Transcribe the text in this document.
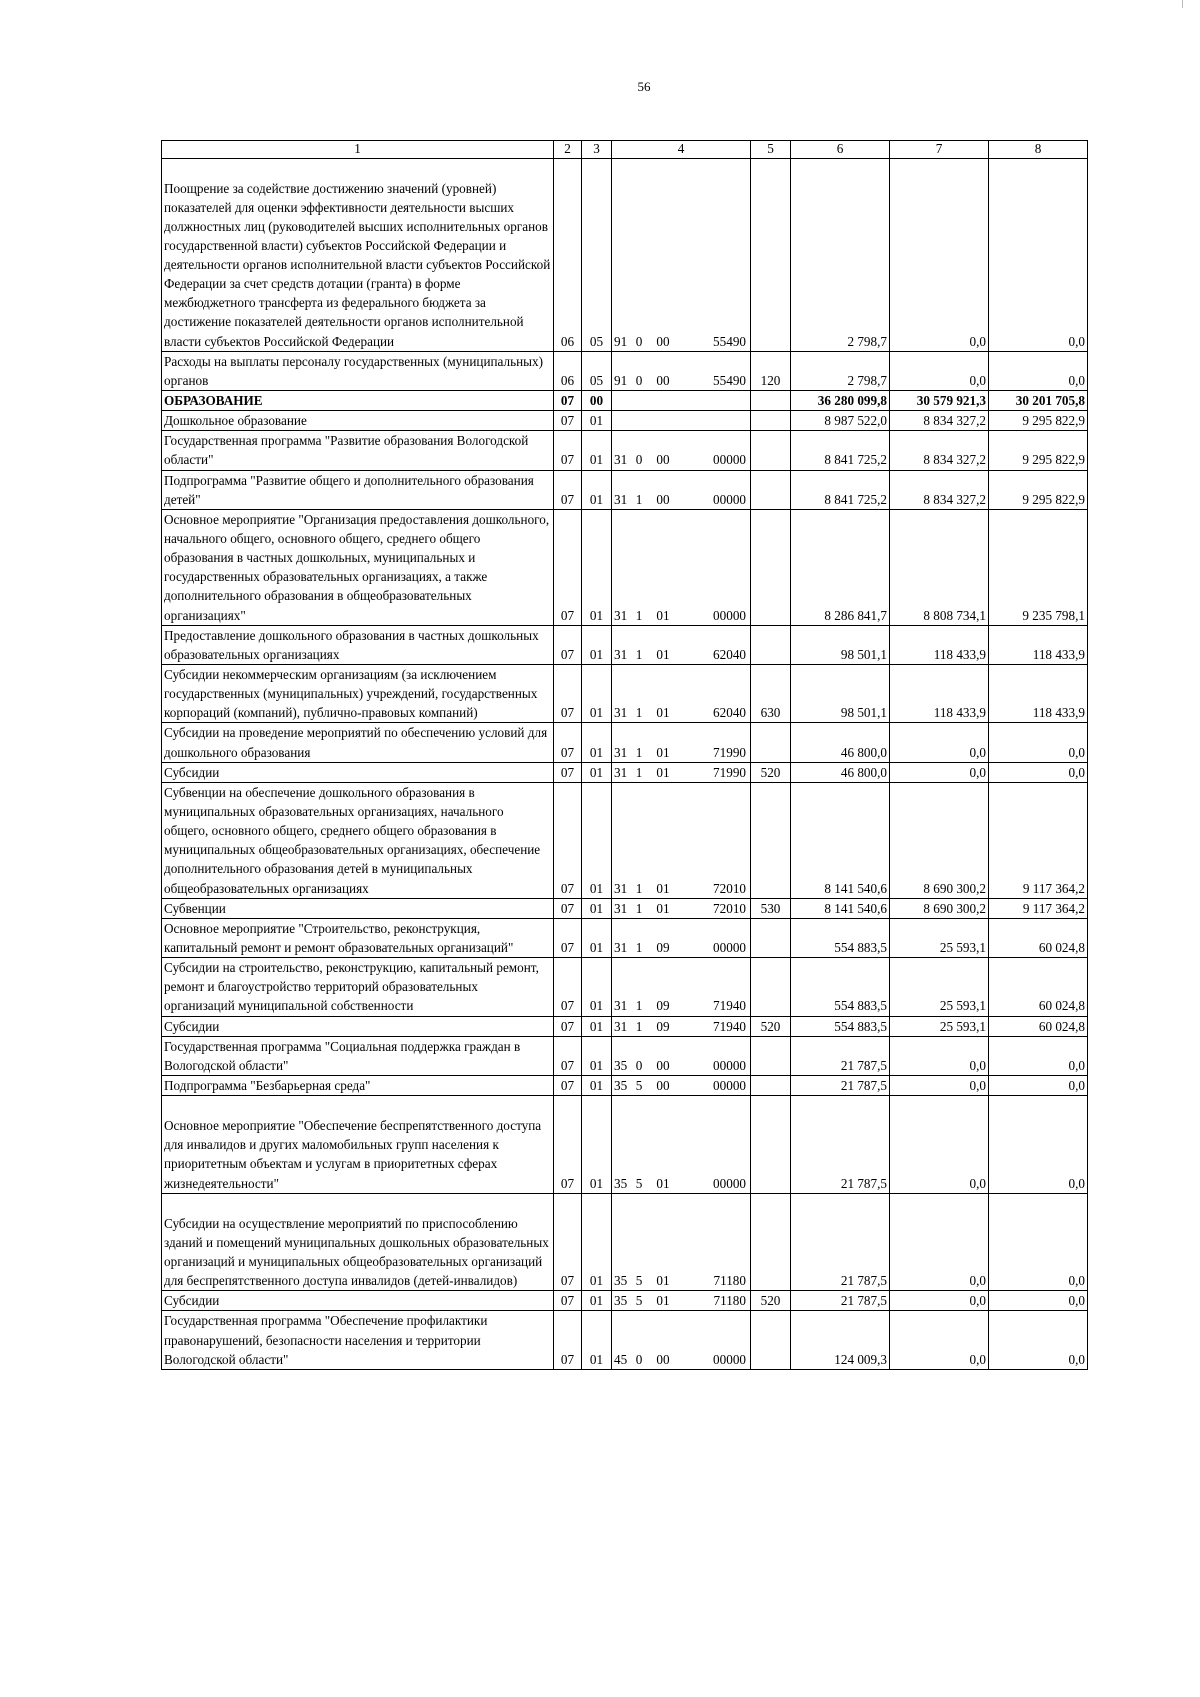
56
1	2	3	4	5	6	7	8
Поощрение за содействие достижению значений (уровней) показателей для оценки эффективности деятельности высших должностных лиц (руководителей высших исполнительных органов государственной власти) субъектов Российской Федерации и деятельности органов исполнительной власти субъектов Российской Федерации за счет средств дотации (гранта) в форме межбюджетного трансферта из федерального бюджета за достижение показателей деятельности органов исполнительной власти субъектов Российской Федерации	06	05	91 0 00 55490		2 798,7	0,0	0,0
Расходы на выплаты персоналу государственных (муниципальных) органов	06	05	91 0 00 55490	120	2 798,7	0,0	0,0
ОБРАЗОВАНИЕ	07	00			36 280 099,8	30 579 921,3	30 201 705,8
Дошкольное образование	07	01			8 987 522,0	8 834 327,2	9 295 822,9
Государственная программа "Развитие образования Вологодской области"	07	01	31 0 00 00000		8 841 725,2	8 834 327,2	9 295 822,9
Подпрограмма "Развитие общего и дополнительного образования детей"	07	01	31 1 00 00000		8 841 725,2	8 834 327,2	9 295 822,9
Основное мероприятие "Организация предоставления дошкольного, начального общего, основного общего, среднего общего образования в частных дошкольных, муниципальных и государственных образовательных организациях, а также дополнительного образования в общеобразовательных организациях"	07	01	31 1 01 00000		8 286 841,7	8 808 734,1	9 235 798,1
Предоставление дошкольного образования в частных дошкольных образовательных организациях	07	01	31 1 01 62040		98 501,1	118 433,9	118 433,9
Субсидии некоммерческим организациям (за исключением государственных (муниципальных) учреждений, государственных корпораций (компаний), публично-правовых компаний)	07	01	31 1 01 62040	630	98 501,1	118 433,9	118 433,9
Субсидии на проведение мероприятий по обеспечению условий для дошкольного образования	07	01	31 1 01 71990		46 800,0	0,0	0,0
Субсидии	07	01	31 1 01 71990	520	46 800,0	0,0	0,0
Субвенции на обеспечение дошкольного образования в муниципальных образовательных организациях, начального общего, основного общего, среднего общего образования в муниципальных общеобразовательных организациях, обеспечение дополнительного образования детей в муниципальных общеобразовательных организациях	07	01	31 1 01 72010		8 141 540,6	8 690 300,2	9 117 364,2
Субвенции	07	01	31 1 01 72010	530	8 141 540,6	8 690 300,2	9 117 364,2
Основное мероприятие "Строительство, реконструкция, капитальный ремонт и ремонт образовательных организаций"	07	01	31 1 09 00000		554 883,5	25 593,1	60 024,8
Субсидии на строительство, реконструкцию, капитальный ремонт, ремонт и благоустройство территорий образовательных организаций муниципальной собственности	07	01	31 1 09 71940		554 883,5	25 593,1	60 024,8
Субсидии	07	01	31 1 09 71940	520	554 883,5	25 593,1	60 024,8
Государственная программа "Социальная поддержка граждан в Вологодской области"	07	01	35 0 00 00000		21 787,5	0,0	0,0
Подпрограмма "Безбарьерная среда"	07	01	35 5 00 00000		21 787,5	0,0	0,0
Основное мероприятие "Обеспечение беспрепятственного доступа для инвалидов и других маломобильных групп населения к приоритетным объектам и услугам в приоритетных сферах жизнедеятельности"	07	01	35 5 01 00000		21 787,5	0,0	0,0
Субсидии на осуществление мероприятий по приспособлению зданий и помещений муниципальных дошкольных образовательных организаций и муниципальных общеобразовательных организаций для беспрепятственного доступа инвалидов (детей-инвалидов)	07	01	35 5 01 71180		21 787,5	0,0	0,0
Субсидии	07	01	35 5 01 71180	520	21 787,5	0,0	0,0
Государственная программа "Обеспечение профилактики правонарушений, безопасности населения и территории Вологодской области"	07	01	45 0 00 00000		124 009,3	0,0	0,0
